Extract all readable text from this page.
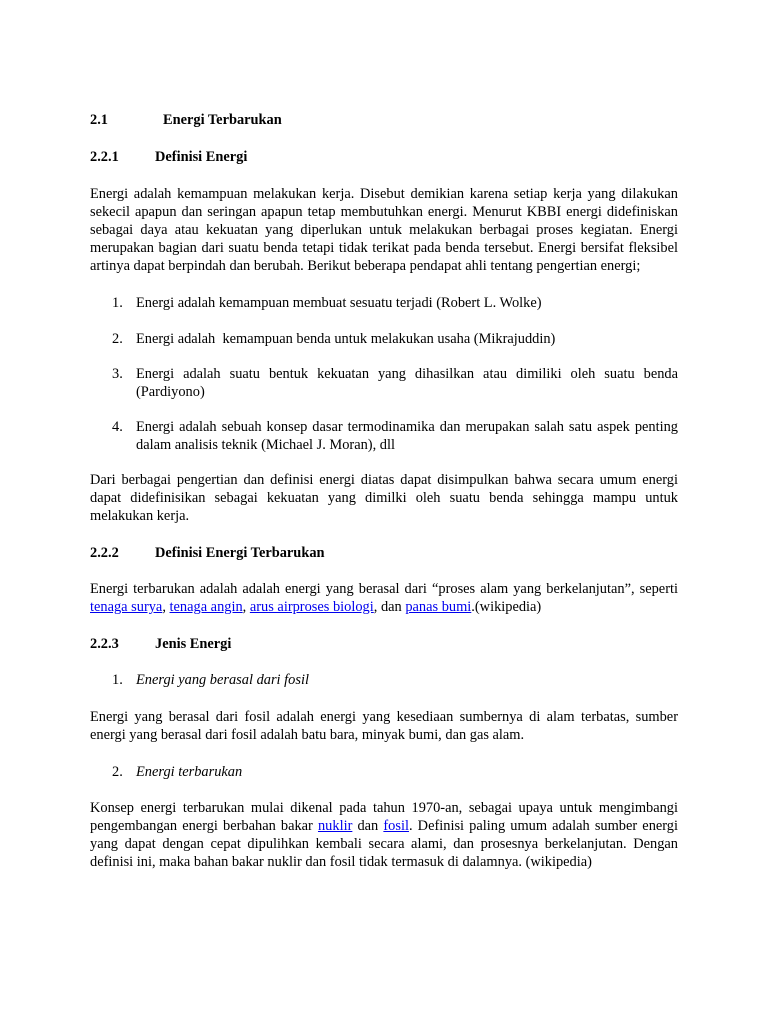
2.1	Energi Terbarukan
2.2.1	Definisi Energi

Energi adalah kemampuan melakukan kerja. Disebut demikian karena setiap kerja yang dilakukan sekecil apapun dan seringan apapun tetap membutuhkan energi. Menurut KBBI energi didefiniskan sebagai daya atau kekuatan yang diperlukan untuk melakukan berbagai proses kegiatan. Energi merupakan bagian dari suatu benda tetapi tidak terikat pada benda tersebut. Energi bersifat fleksibel artinya dapat berpindah dan berubah. Berikut beberapa pendapat ahli tentang pengertian energi;

1. Energi adalah kemampuan membuat sesuatu terjadi (Robert L. Wolke)
2. Energi adalah  kemampuan benda untuk melakukan usaha (Mikrajuddin)
3. Energi adalah suatu bentuk kekuatan yang dihasilkan atau dimiliki oleh suatu benda (Pardiyono)
4. Energi adalah sebuah konsep dasar termodinamika dan merupakan salah satu aspek penting dalam analisis teknik (Michael J. Moran), dll

Dari berbagai pengertian dan definisi energi diatas dapat disimpulkan bahwa secara umum energi dapat didefinisikan sebagai kekuatan yang dimilki oleh suatu benda sehingga mampu untuk melakukan kerja.

2.2.2	Definisi Energi Terbarukan

Energi terbarukan adalah adalah energi yang berasal dari “proses alam yang berkelanjutan”, seperti tenaga surya, tenaga angin, arus airproses biologi, dan panas bumi.(wikipedia)

2.2.3	Jenis Energi
1. Energi yang berasal dari fosil

Energi yang berasal dari fosil adalah energi yang kesediaan sumbernya di alam terbatas, sumber energi yang berasal dari fosil adalah batu bara, minyak bumi, dan gas alam.

2. Energi terbarukan

Konsep energi terbarukan mulai dikenal pada tahun 1970-an, sebagai upaya untuk mengimbangi pengembangan energi berbahan bakar nuklir dan fosil. Definisi paling umum adalah sumber energi yang dapat dengan cepat dipulihkan kembali secara alami, dan prosesnya berkelanjutan. Dengan definisi ini, maka bahan bakar nuklir dan fosil tidak termasuk di dalamnya. (wikipedia)
